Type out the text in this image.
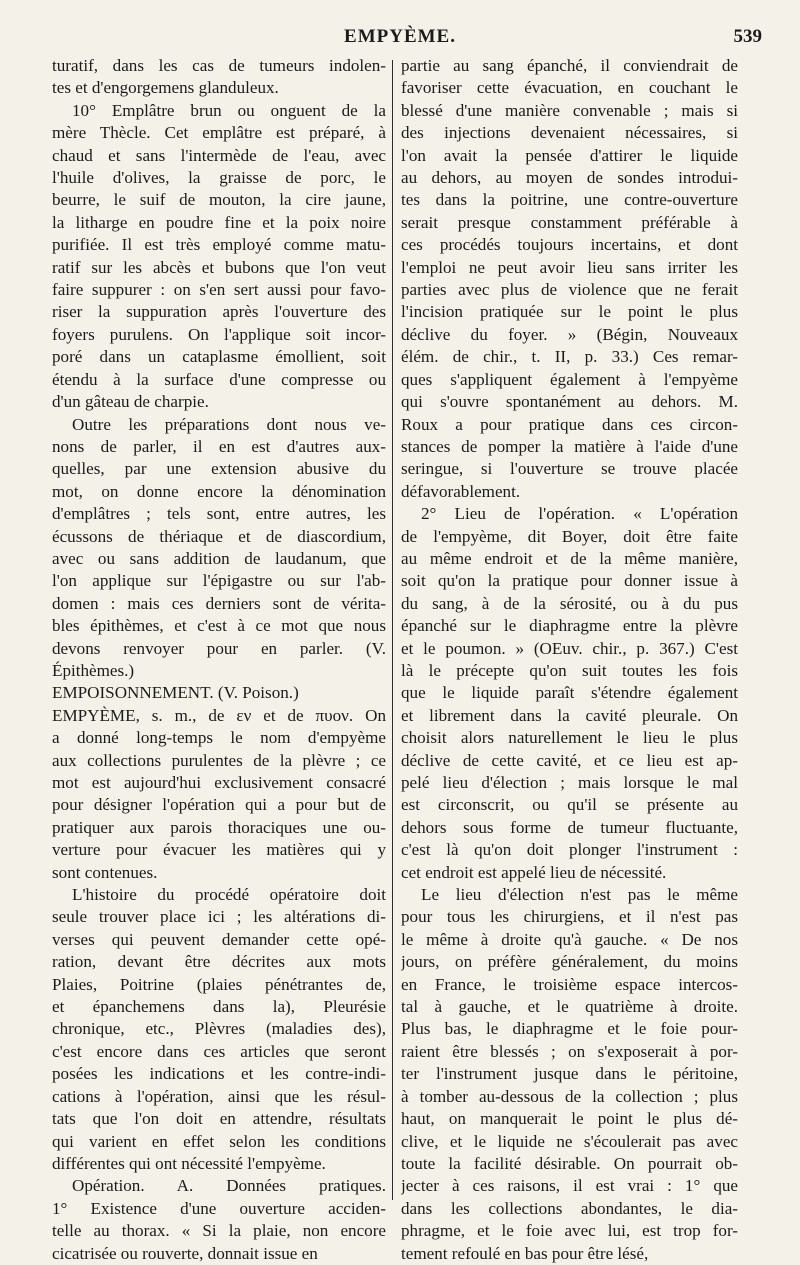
EMPYÈME.	539
turatif, dans les cas de tumeurs indolen-
tes et d'engorgemens glanduleux.
10° Emplâtre brun ou onguent de la
mère Thècle. Cet emplâtre est préparé, à
chaud et sans l'intermède de l'eau, avec
l'huile d'olives, la graisse de porc, le
beurre, le suif de mouton, la cire jaune,
la litharge en poudre fine et la poix noire
purifiée. Il est très employé comme matu-
ratif sur les abcès et bubons que l'on veut
faire suppurer : on s'en sert aussi pour favo-
riser la suppuration après l'ouverture des
foyers purulens. On l'applique soit incor-
poré dans un cataplasme émollient, soit
étendu à la surface d'une compresse ou
d'un gâteau de charpie.
Outre les préparations dont nous ve-
nons de parler, il en est d'autres aux-
quelles, par une extension abusive du
mot, on donne encore la dénomination
d'emplâtres ; tels sont, entre autres, les
écussons de thériaque et de diascordium,
avec ou sans addition de laudanum, que
l'on applique sur l'épigastre ou sur l'ab-
domen : mais ces derniers sont de vérita-
bles épithèmes, et c'est à ce mot que nous
devons renvoyer pour en parler. (V.
Épithèmes.)
EMPOISONNEMENT. (V. Poison.)
EMPYÈME, s. m., de εν et de πυον. On
a donné long-temps le nom d'empyème
aux collections purulentes de la plèvre ; ce
mot est aujourd'hui exclusivement consacré
pour désigner l'opération qui a pour but de
pratiquer aux parois thoraciques une ou-
verture pour évacuer les matières qui y
sont contenues.
L'histoire du procédé opératoire doit
seule trouver place ici ; les altérations di-
verses qui peuvent demander cette opé-
ration, devant être décrites aux mots
Plaies, Poitrine (plaies pénétrantes de,
et épanchemens dans la), Pleurésie
chronique, etc., Plèvres (maladies des),
c'est encore dans ces articles que seront
posées les indications et les contre-indi-
cations à l'opération, ainsi que les résul-
tats que l'on doit en attendre, résultats
qui varient en effet selon les conditions
différentes qui ont nécessité l'empyème.
Opération. A. Données pratiques.
1° Existence d'une ouverture acciden-
telle au thorax. « Si la plaie, non encore
cicatrisée ou rouverte, donnait issue en
partie au sang épanché, il conviendrait de
favoriser cette évacuation, en couchant le
blessé d'une manière convenable ; mais si
des injections devenaient nécessaires, si
l'on avait la pensée d'attirer le liquide
au dehors, au moyen de sondes introdui-
tes dans la poitrine, une contre-ouverture
serait presque constamment préférable à
ces procédés toujours incertains, et dont
l'emploi ne peut avoir lieu sans irriter les
parties avec plus de violence que ne ferait
l'incision pratiquée sur le point le plus
déclive du foyer. » (Bégin, Nouveaux
élém. de chir., t. II, p. 33.) Ces remar-
ques s'appliquent également à l'empyème
qui s'ouvre spontanément au dehors. M.
Roux a pour pratique dans ces circon-
stances de pomper la matière à l'aide d'une
seringue, si l'ouverture se trouve placée
défavorablement.
2° Lieu de l'opération. « L'opération
de l'empyème, dit Boyer, doit être faite
au même endroit et de la même manière,
soit qu'on la pratique pour donner issue à
du sang, à de la sérosité, ou à du pus
épanché sur le diaphragme entre la plèvre
et le poumon. » (OEuv. chir., p. 367.) C'est
là le précepte qu'on suit toutes les fois
que le liquide paraît s'étendre également
et librement dans la cavité pleurale. On
choisit alors naturellement le lieu le plus
déclive de cette cavité, et ce lieu est ap-
pelé lieu d'élection ; mais lorsque le mal
est circonscrit, ou qu'il se présente au
dehors sous forme de tumeur fluctuante,
c'est là qu'on doit plonger l'instrument :
cet endroit est appelé lieu de nécessité.
Le lieu d'élection n'est pas le même
pour tous les chirurgiens, et il n'est pas
le même à droite qu'à gauche. « De nos
jours, on préfère généralement, du moins
en France, le troisième espace intercos-
tal à gauche, et le quatrième à droite.
Plus bas, le diaphragme et le foie pour-
raient être blessés ; on s'exposerait à por-
ter l'instrument jusque dans le péritoine,
à tomber au-dessous de la collection ; plus
haut, on manquerait le point le plus dé-
clive, et le liquide ne s'écoulerait pas avec
toute la facilité désirable. On pourrait ob-
jecter à ces raisons, il est vrai : 1° que
dans les collections abondantes, le dia-
phragme, et le foie avec lui, est trop for-
tement refoulé en bas pour être lésé,
